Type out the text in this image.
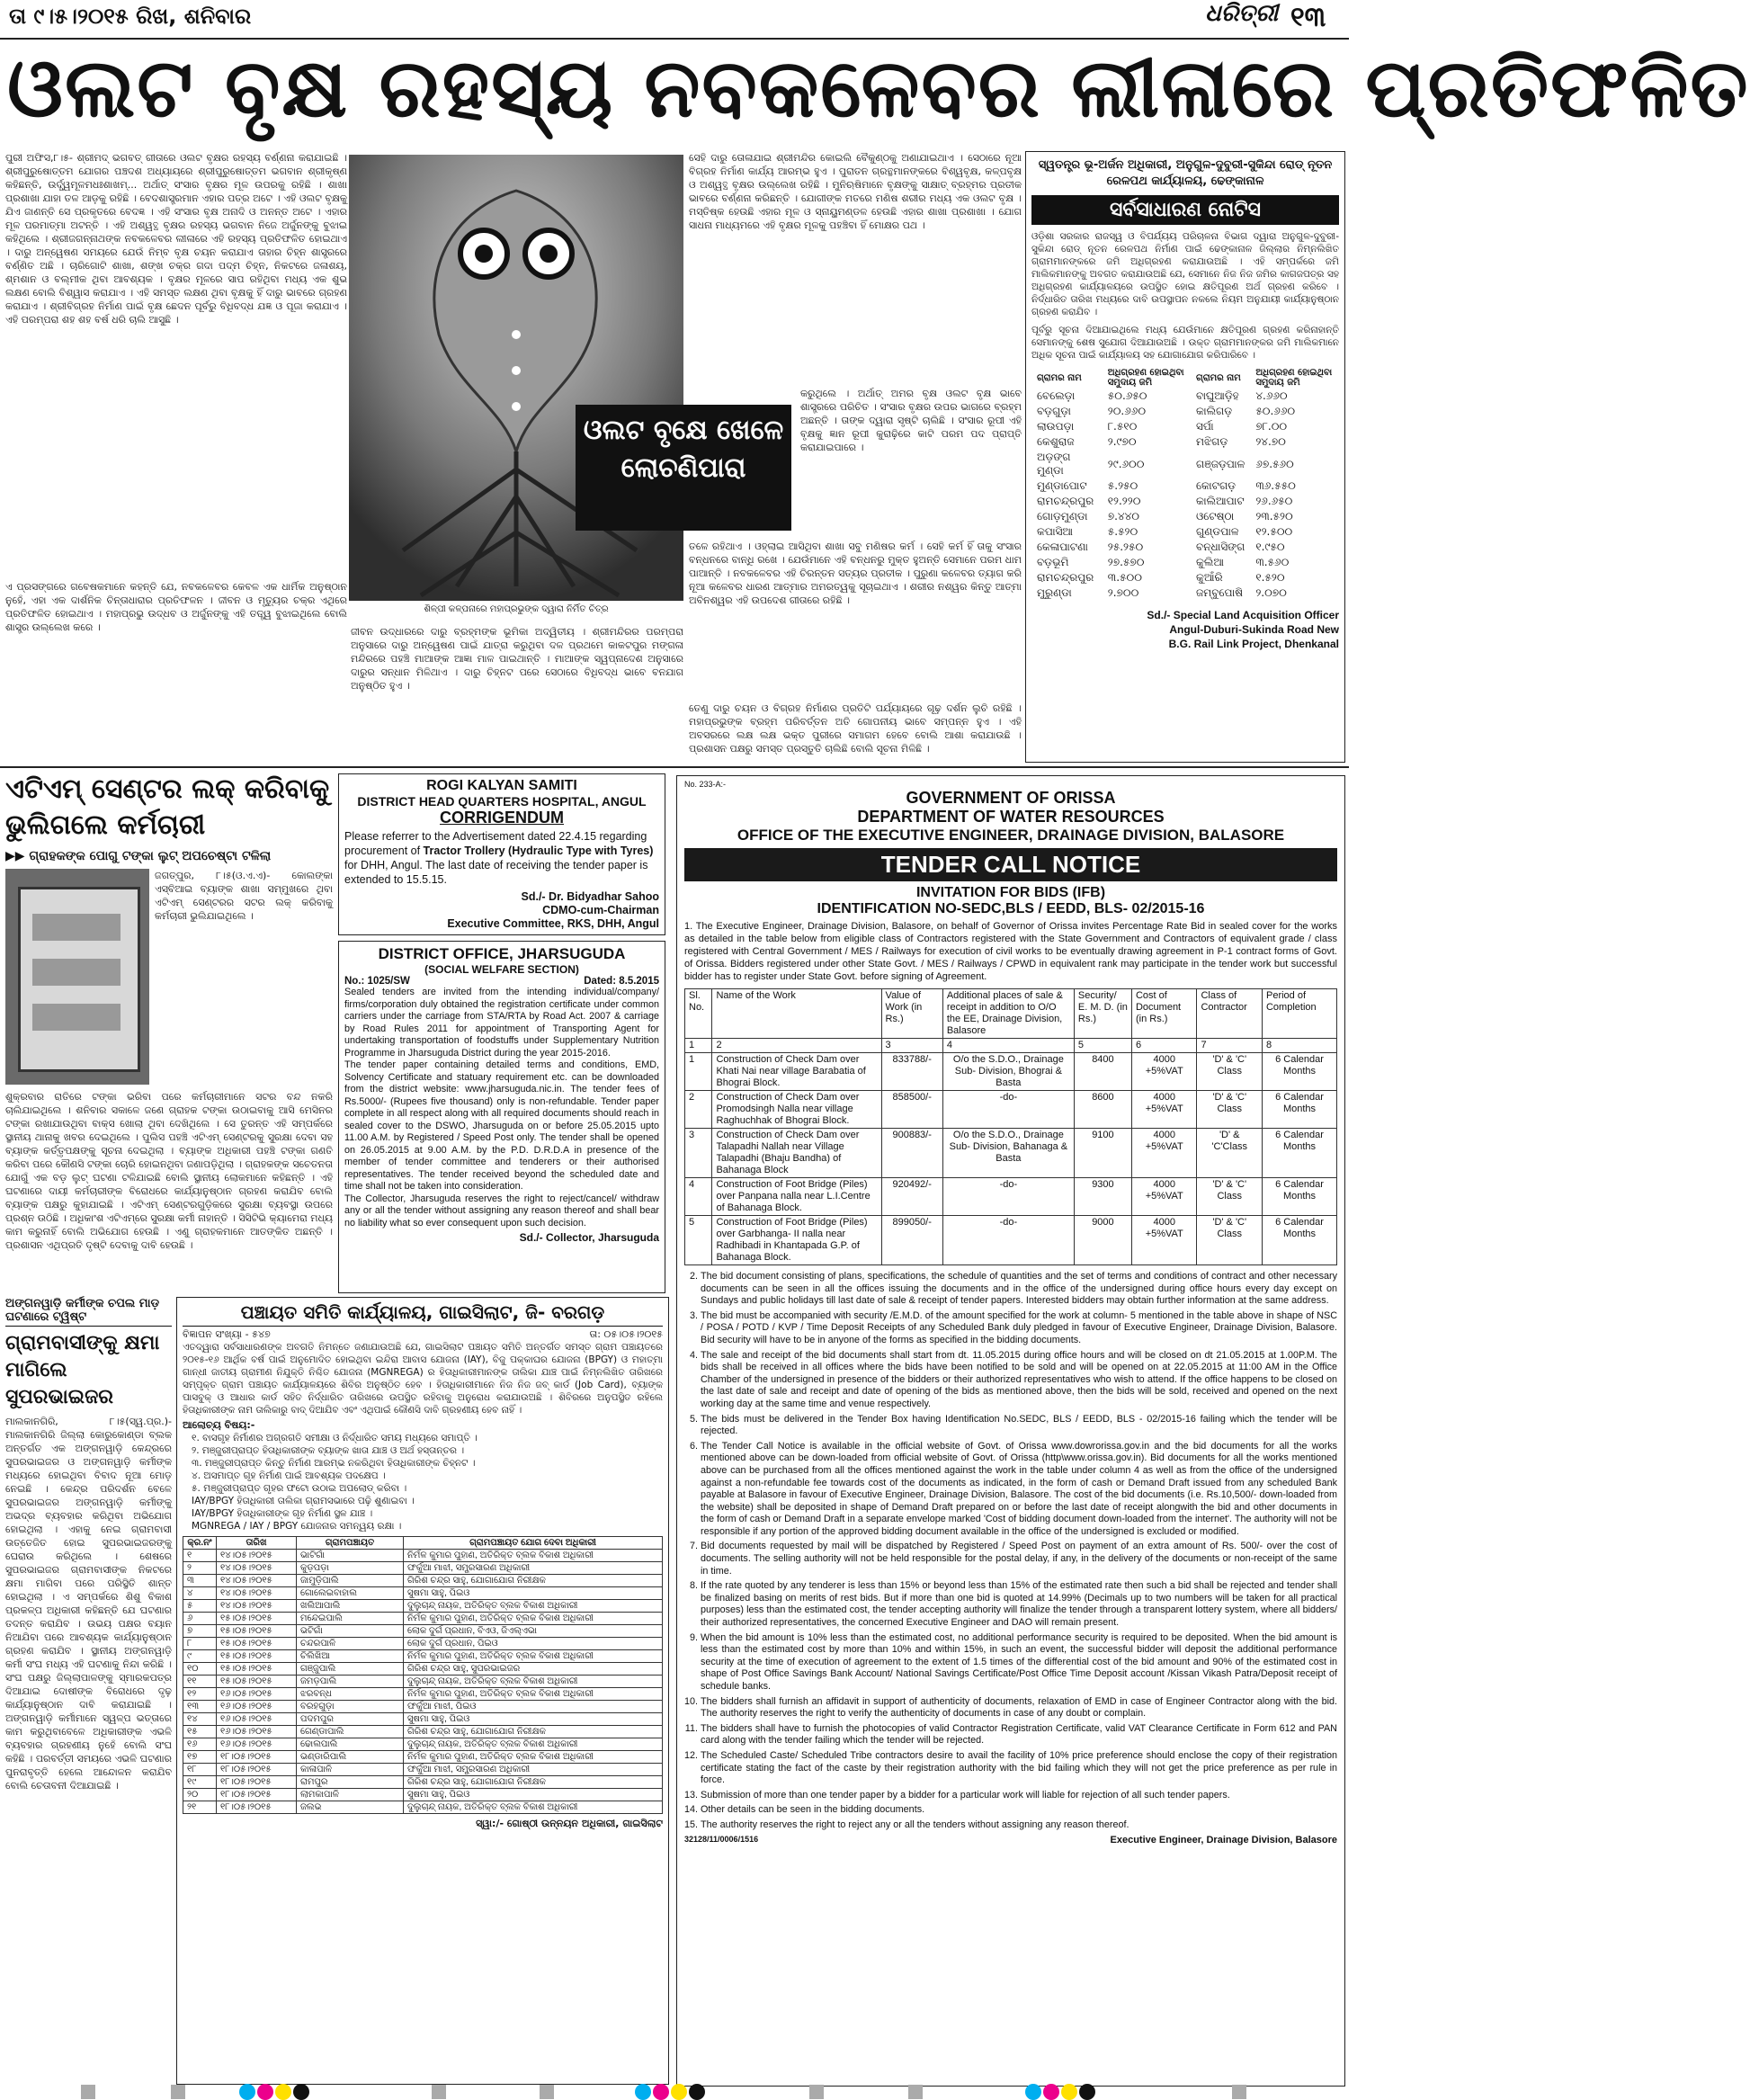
ତା ୯।୫।୨୦୧୫ ରିଖ, ଶନିବାର	ଧରିତ୍ରୀ ୧୩
ଓଲଟ ବୃକ୍ଷ ରହସ୍ୟ ନବକଳେବର ଲୀଳାରେ ପ୍ରତିଫଳିତ
ପୁରୀ ଅଫିସ,୮।୫- ଶ୍ରୀମଦ୍ ଭଗବତ୍ ଗୀତାରେ ଓଲଟ ବୃକ୍ଷର ରହସ୍ୟ ବର୍ଣ୍ଣନା କରାଯାଇଛି । ଶ୍ରୀପୁରୁଷୋତ୍ତମ ଯୋଗର ପଞ୍ଚଦଶ ଅଧ୍ୟାୟରେ ଶ୍ରୀପୁରୁଷୋତ୍ତମ ଭଗବାନ ଶ୍ରୀକୃଷ୍ଣ କହିଛନ୍ତି, ଉର୍ଦ୍ଧ୍ୱମୂଳମଧଃଶାଖମ୍... ଅର୍ଥାତ୍ ସଂସାର ବୃକ୍ଷର ମୂଳ ଉପରକୁ ରହିଛି । ଶାଖା ପ୍ରଶାଖା ଯାହା ତଳ ଆଡ଼କୁ ରହିଛି । ବେଦଶାସ୍ତ୍ରମାନ ଏହାର ପତ୍ର ଅଟେ । ଏହି ଓଲଟ ବୃକ୍ଷକୁ ଯିଏ ଜାଣନ୍ତି ସେ ପ୍ରକୃତରେ ବେଦଜ୍ଞ । ଏହି ସଂସାର ବୃକ୍ଷ ଅନାଦି ଓ ଅନନ୍ତ ଅଟେ । ଏହାର ମୂଳ ପରମାତ୍ମା ଅଟନ୍ତି । ଏହି ଅଶ୍ୱତ୍ଥ ବୃକ୍ଷର ରହସ୍ୟ ଭଗବାନ ନିଜେ ଅର୍ଜୁନଙ୍କୁ ବୁଝାଇ କହିଥିଲେ । ଶ୍ରୀଜଗନ୍ନାଥଙ୍କ ନବକଳେବର ଲୀଳାରେ ଏହି ରହସ୍ୟ ପ୍ରତିଫଳିତ ହୋଇଥାଏ । ଦାରୁ ଅନ୍ୱେଷଣ ସମୟରେ ଯେଉଁ ନିମ୍ବ ବୃକ୍ଷ ଚୟନ କରାଯାଏ ତାହାର ଚିହ୍ନ ଶାସ୍ତ୍ରରେ ବର୍ଣ୍ଣିତ ଅଛି । ଚାରିଗୋଟି ଶାଖା, ଶଙ୍ଖ ଚକ୍ର ଗଦା ପଦ୍ମ ଚିହ୍ନ, ନିକଟରେ ଜଳାଶୟ, ଶ୍ମଶାନ ଓ ବଲ୍ମୀକ ଥିବା ଆବଶ୍ୟକ । ବୃକ୍ଷର ମୂଳରେ ସାପ ରହିଥିବା ମଧ୍ୟ ଏକ ଶୁଭ ଲକ୍ଷଣ ବୋଲି ବିଶ୍ୱାସ କରାଯାଏ । ଏହି ସମସ୍ତ ଲକ୍ଷଣ ଥିବା ବୃକ୍ଷକୁ ହିଁ ଦାରୁ ଭାବରେ ଗ୍ରହଣ କରାଯାଏ । ଶ୍ରୀବିଗ୍ରହ ନିର୍ମାଣ ପାଇଁ ବୃକ୍ଷ ଛେଦନ ପୂର୍ବରୁ ବିଧିବଦ୍ଧ ଯଜ୍ଞ ଓ ପୂଜା କରାଯାଏ । ଏହି ପରମ୍ପରା ଶହ ଶହ ବର୍ଷ ଧରି ଚାଲି ଆସୁଛି ।
ଏ ପ୍ରସଙ୍ଗରେ ଗବେଷକମାନେ କହନ୍ତି ଯେ, ନବକଳେବର କେବଳ ଏକ ଧାର୍ମିକ ଅନୁଷ୍ଠାନ ନୁହେଁ, ଏହା ଏକ ଦାର୍ଶନିକ ଚିନ୍ତାଧାରାର ପ୍ରତିଫଳନ । ଜୀବନ ଓ ମୃତ୍ୟୁର ଚକ୍ର ଏଥିରେ ପ୍ରତିଫଳିତ ହୋଇଥାଏ । ମହାପ୍ରଭୁ ଉଦ୍ଧବ ଓ ଅର୍ଜୁନଙ୍କୁ ଏହି ତତ୍ତ୍ୱ ବୁଝାଇଥିଲେ ବୋଲି ଶାସ୍ତ୍ର ଉଲ୍ଲେଖ କରେ ।
ଓଲଟ ବୃକ୍ଷେ ଖେଳେ ଲୋଚଣିପାରା
ଶିଳ୍ପୀ କଳ୍ପନାରେ ମହାପ୍ରଭୁଙ୍କ ଦ୍ୱାରା ନିର୍ମିତ ଚିତ୍ର
ଜୀବନ ଉଦ୍ଧାରରେ ଦାରୁ ବ୍ରହ୍ମଙ୍କ ଭୂମିକା ଅଦ୍ୱିତୀୟ । ଶ୍ରୀମନ୍ଦିରର ପରମ୍ପରା ଅନୁସାରେ ଦାରୁ ଅନ୍ୱେଷଣ ପାଇଁ ଯାତ୍ରା କରୁଥିବା ଦଳ ପ୍ରଥମେ କାକଟପୁର ମଙ୍ଗଳା ମନ୍ଦିରରେ ପହଞ୍ଚି ମାଆଙ୍କ ଆଜ୍ଞା ମାଳ ପାଇଥାନ୍ତି । ମାଆଙ୍କ ସ୍ୱପ୍ନାଦେଶ ଅନୁସାରେ ଦାରୁର ସନ୍ଧାନ ମିଳିଥାଏ । ଦାରୁ ଚିହ୍ନଟ ପରେ ସେଠାରେ ବିଧିବଦ୍ଧ ଭାବେ ବନଯାଗ ଅନୁଷ୍ଠିତ ହୁଏ ।
ସେହି ଦାରୁ ତୋଳାଯାଇ ଶ୍ରୀମନ୍ଦିର କୋଇଲି ବୈକୁଣ୍ଠକୁ ଅଣାଯାଇଥାଏ । ସେଠାରେ ନୂଆ ବିଗ୍ରହ ନିର୍ମାଣ କାର୍ଯ୍ୟ ଆରମ୍ଭ ହୁଏ । ପୁରାତନ ଗ୍ରନ୍ଥମାନଙ୍କରେ ବିଶ୍ୱବୃକ୍ଷ, କଳ୍ପବୃକ୍ଷ ଓ ଅଶ୍ୱତ୍ଥ ବୃକ୍ଷର ଉଲ୍ଲେଖ ରହିଛି । ମୁନିଋଷିମାନେ ବୃକ୍ଷଙ୍କୁ ସାକ୍ଷାତ୍ ବ୍ରହ୍ମର ପ୍ରତୀକ ଭାବରେ ବର୍ଣ୍ଣନା କରିଛନ୍ତି । ଯୋଗୀଙ୍କ ମତରେ ମଣିଷ ଶରୀର ମଧ୍ୟ ଏକ ଓଲଟ ବୃକ୍ଷ । ମସ୍ତିଷ୍କ ହେଉଛି ଏହାର ମୂଳ ଓ ସ୍ନାୟୁମଣ୍ଡଳ ହେଉଛି ଏହାର ଶାଖା ପ୍ରଶାଖା । ଯୋଗ ସାଧନା ମାଧ୍ୟମରେ ଏହି ବୃକ୍ଷର ମୂଳକୁ ପହଞ୍ଚିବା ହିଁ ମୋକ୍ଷର ପଥ ।
କରୁଥିଲେ । ଅର୍ଥାତ୍ ଅମର ବୃକ୍ଷ ଓଲଟ ବୃକ୍ଷ ଭାବେ ଶାସ୍ତ୍ରରେ ପରିଚିତ । ସଂସାର ବୃକ୍ଷର ଉପର ଭାଗରେ ବ୍ରହ୍ମ ଅଛନ୍ତି । ତାଙ୍କ ଦ୍ୱାରା ସୃଷ୍ଟି ଚାଲିଛି । ସଂସାର ରୂପୀ ଏହି ବୃକ୍ଷକୁ ଜ୍ଞାନ ରୂପୀ କୁରାଢ଼ିରେ କାଟି ପରମ ପଦ ପ୍ରାପ୍ତି କରାଯାଇପାରେ ।
ତଳେ ରହିଥାଏ । ଓହ୍ଲାଇ ଆସିଥିବା ଶାଖା ସବୁ ମଣିଷର କର୍ମ । ସେହି କର୍ମ ହିଁ ତାକୁ ସଂସାର ବନ୍ଧନରେ ବାନ୍ଧି ରଖେ । ଯେଉଁମାନେ ଏହି ବନ୍ଧନରୁ ମୁକ୍ତ ହୁଅନ୍ତି ସେମାନେ ପରମ ଧାମ ପାଆନ୍ତି । ନବକଳେବର ଏହି ଚିରନ୍ତନ ସତ୍ୟର ପ୍ରତୀକ । ପୁରୁଣା କଳେବର ତ୍ୟାଗ କରି ନୂଆ କଳେବର ଧାରଣ ଆତ୍ମାର ଅମରତ୍ୱକୁ ସୂଚାଇଥାଏ । ଶରୀର ନଶ୍ୱର କିନ୍ତୁ ଆତ୍ମା ଅବିନଶ୍ୱର ଏହି ଉପଦେଶ ଗୀତାରେ ରହିଛି ।
ତେଣୁ ଦାରୁ ଚୟନ ଓ ବିଗ୍ରହ ନିର୍ମାଣର ପ୍ରତିଟି ପର୍ଯ୍ୟାୟରେ ଗୂଢ଼ ଦର୍ଶନ ଲୁଚି ରହିଛି । ମହାପ୍ରଭୁଙ୍କ ବ୍ରହ୍ମ ପରିବର୍ତ୍ତନ ଅତି ଗୋପନୀୟ ଭାବେ ସମ୍ପନ୍ନ ହୁଏ । ଏହି ଅବସରରେ ଲକ୍ଷ ଲକ୍ଷ ଭକ୍ତ ପୁରୀରେ ସମାଗମ ହେବେ ବୋଲି ଆଶା କରାଯାଉଛି । ପ୍ରଶାସନ ପକ୍ଷରୁ ସମସ୍ତ ପ୍ରସ୍ତୁତି ଚାଲିଛି ବୋଲି ସୂଚନା ମିଳିଛି ।
ସ୍ୱତନ୍ତ୍ର ଭୂ-ଅର୍ଜନ ଅଧିକାରୀ, ଅନୁଗୁଳ-ଦୁବୁରୀ-ସୁକିନ୍ଦା ରୋଡ୍ ନୂତନ ରେଳପଥ କାର୍ଯ୍ୟାଳୟ, ଢେଙ୍କାନାଳ
ସର୍ବସାଧାରଣ ନୋଟିସ
ଓଡ଼ିଶା ସରକାର ରାଜସ୍ୱ ଓ ବିପର୍ଯ୍ୟୟ ପରିଚାଳନା ବିଭାଗ ଦ୍ୱାରା ଅନୁଗୁଳ-ଦୁବୁରୀ-ସୁକିନ୍ଦା ରୋଡ୍ ନୂତନ ରେଳପଥ ନିର୍ମାଣ ପାଇଁ ଢେଙ୍କାନାଳ ଜିଲ୍ଲାର ନିମ୍ନଲିଖିତ ଗ୍ରାମମାନଙ୍କରେ ଜମି ଅଧିଗ୍ରହଣ କରାଯାଉଅଛି । ଏହି ସମ୍ପର୍କରେ ଜମି ମାଲିକମାନଙ୍କୁ ଅବଗତ କରାଯାଉଅଛି ଯେ, ସେମାନେ ନିଜ ନିଜ ଜମିର କାଗଜପତ୍ର ସହ ଅଧିଗ୍ରହଣ କାର୍ଯ୍ୟାଳୟରେ ଉପସ୍ଥିତ ହୋଇ କ୍ଷତିପୂରଣ ଅର୍ଥ ଗ୍ରହଣ କରିବେ । ନିର୍ଦ୍ଧାରିତ ତାରିଖ ମଧ୍ୟରେ ଦାବି ଉପସ୍ଥାପନ ନକଲେ ନିୟମ ଅନୁଯାୟୀ କାର୍ଯ୍ୟାନୁଷ୍ଠାନ ଗ୍ରହଣ କରାଯିବ ।
ପୂର୍ବରୁ ସୂଚନା ଦିଆଯାଇଥିଲେ ମଧ୍ୟ ଯେଉଁମାନେ କ୍ଷତିପୂରଣ ଗ୍ରହଣ କରିନାହାନ୍ତି ସେମାନଙ୍କୁ ଶେଷ ସୁଯୋଗ ଦିଆଯାଉଅଛି । ଉକ୍ତ ଗ୍ରାମମାନଙ୍କର ଜମି ମାଲିକମାନେ ଅଧିକ ସୂଚନା ପାଇଁ କାର୍ଯ୍ୟାଳୟ ସହ ଯୋଗାଯୋଗ କରିପାରିବେ ।
ଗ୍ରାମର ନାମ	ଅଧିଗ୍ରହଣ ହୋଇଥିବା ସମୁଦାୟ ଜମି	ଗ୍ରାମର ନାମ	ଅଧିଗ୍ରହଣ ହୋଇଥିବା ସମୁଦାୟ ଜମି
ବେଲେଡ଼ା	୫୦.୬୫୦	ବାଘୁଆଡ଼ିହ	୪.୬୬୦
ବଡ଼ଗୁଡ଼ା	୨୦.୬୬୦	କାଲିଗଡ଼	୫୦.୬୬୦
ଲାଉପଡ଼ା	୮.୫୧୦	ସର୍ପା	୭୮.୦୦
କେଶୁରାଜ	୨.୯୭୦	ମଝିଗଡ଼	୨୪.୭୦
ଅଡ଼ଙ୍ଗ ମୁଣ୍ଡା	୨୯.୬୦୦	ଗଞ୍ଜଡ଼ପାଳ	୬୭.୫୬୦
ମୁଣ୍ଡାପୋଟ	୫.୨୫୦	କୋଟଗଡ଼	୩୬.୫୫୦
ରାମଚନ୍ଦ୍ରପୁର	୧୨.୨୨୦	କାଲିଆପାଟ	୨୬.୬୫୦
ଗୋଡ଼ମୁଣ୍ଡା	୭.୪୪୦	ଓଟେଷ୍ଠା	୨୩.୫୨୦
କପାସିଆ	୫.୫୨୦	ଗୁଣ୍ଡପାଳ	୧୨.୫୦୦
କେଳାପାଟଣା	୨୫.୨୫୦	ବନ୍ଧାସିଙ୍ଗ	୧.୯୫୦
ବଡ଼ଭୂମି	୨୭.୫୭୦	କୁଲିଆ	୩.୫୬୦
ରାମଚନ୍ଦ୍ରପୁର	୩.୫୦୦	କୁଆଁରି	୧.୫୨୦
ମୁରୁଣ୍ଡା	୨.୭୦୦	ଜମ୍ବୁପୋଷି	୨.୦୭୦
Sd./- Special Land Acquisition Officer
Angul-Duburi-Sukinda Road New
B.G. Rail Link Project, Dhenkanal
ଏଟିଏମ୍ ସେଣ୍ଟର ଲକ୍ କରିବାକୁ ଭୁଲିଗଲେ କର୍ମଚାରୀ
▶▶ ଗ୍ରାହକଙ୍କ ପୋଗୁ ଟଙ୍କା ଲୁଟ୍ ଅପଚେଷ୍ଟା ଟଳିଲା
ଜଗତ୍‌ପୁର, ୮।୫(ଓ.ଏ.ଏ)- କୋଲଙ୍କା ଏସ୍‌ବିଆଇ ବ୍ୟାଙ୍କ ଶାଖା ସମ୍ମୁଖରେ ଥିବା ଏଟିଏମ୍ ସେଣ୍ଟରର ସଟର ଲକ୍ କରିବାକୁ କର୍ମଚାରୀ ଭୁଲିଯାଇଥିଲେ ।
ଶୁକ୍ରବାର ରାତିରେ ଟଙ୍କା ଭରିବା ପରେ କର୍ମଚାରୀମାନେ ସଟର ବନ୍ଦ ନକରି ଚାଲିଯାଇଥିଲେ । ଶନିବାର ସକାଳେ ଜଣେ ଗ୍ରାହକ ଟଙ୍କା ଉଠାଇବାକୁ ଆସି ମେସିନର ଟଙ୍କା ରଖାଯାଉଥିବା ବାକ୍ସ ଖୋଲା ଥିବା ଦେଖିଥିଲେ । ସେ ତୁରନ୍ତ ଏହି ସମ୍ପର୍କରେ ସ୍ଥାନୀୟ ଥାନାକୁ ଖବର ଦେଇଥିଲେ । ପୁଲିସ ପହଞ୍ଚି ଏଟିଏମ୍ ସେଣ୍ଟରକୁ ସୁରକ୍ଷା ଦେବା ସହ ବ୍ୟାଙ୍କ କର୍ତ୍ତୃପକ୍ଷଙ୍କୁ ସୂଚନା ଦେଇଥିଲା । ବ୍ୟାଙ୍କ ଅଧିକାରୀ ପହଞ୍ଚି ଟଙ୍କା ଗଣତି କରିବା ପରେ କୌଣସି ଟଙ୍କା ଚୋରି ହୋଇନଥିବା ଜଣାପଡ଼ିଥିଲା । ଗ୍ରାହକଙ୍କ ସଚେତନତା ଯୋଗୁଁ ଏକ ବଡ଼ ଲୁଟ୍ ଘଟଣା ଟଳିଯାଇଛି ବୋଲି ସ୍ଥାନୀୟ ଲୋକମାନେ କହିଛନ୍ତି । ଏହି ଘଟଣାରେ ଦାୟୀ କର୍ମଚାରୀଙ୍କ ବିରୋଧରେ କାର୍ଯ୍ୟାନୁଷ୍ଠାନ ଗ୍ରହଣ କରାଯିବ ବୋଲି ବ୍ୟାଙ୍କ ପକ୍ଷରୁ କୁହାଯାଇଛି । ଏଟିଏମ୍ ସେଣ୍ଟରଗୁଡ଼ିକରେ ସୁରକ୍ଷା ବ୍ୟବସ୍ଥା ଉପରେ ପ୍ରଶ୍ନ ଉଠିଛି । ଅଧିକାଂଶ ଏଟିଏମ୍‌ରେ ସୁରକ୍ଷା କର୍ମୀ ନାହାନ୍ତି । ସିସିଟିଭି କ୍ୟାମେରା ମଧ୍ୟ କାମ କରୁନାହିଁ ବୋଲି ଅଭିଯୋଗ ହେଉଛି । ଏଣୁ ଗ୍ରାହକମାନେ ଆତଙ୍କିତ ଅଛନ୍ତି । ପ୍ରଶାସନ ଏଥିପ୍ରତି ଦୃଷ୍ଟି ଦେବାକୁ ଦାବି ହେଉଛି ।
ROGI KALYAN SAMITI
DISTRICT HEAD QUARTERS HOSPITAL, ANGUL
CORRIGENDUM
Please referrer to the Advertisement dated 22.4.15 regarding procurement of Tractor Trollery (Hydraulic Type with Tyres) for DHH, Angul. The last date of receiving the tender paper is extended to 15.5.15.
Sd./- Dr. Bidyadhar Sahoo
CDMO-cum-Chairman
Executive Committee, RKS, DHH, Angul
DISTRICT OFFICE, JHARSUGUDA
(SOCIAL WELFARE SECTION)
No.: 1025/SW	Dated: 8.5.2015
Sealed tenders are invited from the intending individual/company/ firms/corporation duly obtained the registration certificate under common carriers under the carriage from STA/RTA by Road Act. 2007 & carriage by Road Rules 2011 for appointment of Transporting Agent for undertaking transportation of foodstuffs under Supplementary Nutrition Programme in Jharsuguda District during the year 2015-2016.
The tender paper containing detailed terms and conditions, EMD, Solvency Certificate and statuary requirement etc. can be downloaded from the district website: www.jharsuguda.nic.in. The tender fees of Rs.5000/- (Rupees five thousand) only is non-refundable. Tender paper complete in all respect along with all required documents should reach in sealed cover to the DSWO, Jharsuguda on or before 25.05.2015 upto 11.00 A.M. by Registered / Speed Post only. The tender shall be opened on 26.05.2015 at 9.00 A.M. by the P.D. D.R.D.A in presence of the member of tender committee and tenderers or their authorised representatives. The tender received beyond the scheduled date and time shall not be taken into consideration.
The Collector, Jharsuguda reserves the right to reject/cancel/ withdraw any or all the tender without assigning any reason thereof and shall bear no liability what so ever consequent upon such decision.
Sd./- Collector, Jharsuguda
ଅଙ୍ଗନୱାଡ଼ି କର୍ମୀଙ୍କ ଚପଲ ମାଡ଼ ଘଟଣାରେ ଟ୍ୱିଷ୍ଟ
ଗ୍ରାମବାସୀଙ୍କୁ କ୍ଷମା ମାଗିଲେ ସୁପରଭାଇଜର
ମାଲକାନଗିରି, ୮।୫(ସ୍ୱ.ପ୍ର.)- ମାଲକାନଗିରି ଜିଲ୍ଲା କୋରୁକୋଣ୍ଡା ବ୍ଲକ ଅନ୍ତର୍ଗତ ଏକ ଅଙ୍ଗନୱାଡ଼ି କେନ୍ଦ୍ରରେ ସୁପରଭାଇଜର ଓ ଅଙ୍ଗନୱାଡ଼ି କର୍ମୀଙ୍କ ମଧ୍ୟରେ ହୋଇଥିବା ବିବାଦ ନୂଆ ମୋଡ଼ ନେଇଛି । କେନ୍ଦ୍ର ପରିଦର୍ଶନ ବେଳେ ସୁପରଭାଇଜର ଅଙ୍ଗନୱାଡ଼ି କର୍ମୀଙ୍କୁ ଅଭଦ୍ର ବ୍ୟବହାର କରିଥିବା ଅଭିଯୋଗ ହୋଇଥିଲା । ଏହାକୁ ନେଇ ଗ୍ରାମବାସୀ ଉତ୍ତେଜିତ ହୋଇ ସୁପରଭାଇଜରଙ୍କୁ ଘେରାଉ କରିଥିଲେ । ଶେଷରେ ସୁପରଭାଇଜର ଗ୍ରାମବାସୀଙ୍କ ନିକଟରେ କ୍ଷମା ମାଗିବା ପରେ ପରିସ୍ଥିତି ଶାନ୍ତ ହୋଇଥିଲା । ଏ ସମ୍ପର୍କରେ ଶିଶୁ ବିକାଶ ପ୍ରକଳ୍ପ ଅଧିକାରୀ କହିଛନ୍ତି ଯେ ଘଟଣାର ତଦନ୍ତ କରାଯିବ । ଉଭୟ ପକ୍ଷର ବୟାନ ନିଆଯିବା ପରେ ଆବଶ୍ୟକ କାର୍ଯ୍ୟାନୁଷ୍ଠାନ ଗ୍ରହଣ କରାଯିବ । ସ୍ଥାନୀୟ ଅଙ୍ଗନୱାଡ଼ି କର୍ମୀ ସଂଘ ମଧ୍ୟ ଏହି ଘଟଣାକୁ ନିନ୍ଦା କରିଛି । ସଂଘ ପକ୍ଷରୁ ଜିଲ୍ଲାପାଳଙ୍କୁ ସ୍ମାରକପତ୍ର ଦିଆଯାଇ ଦୋଷୀଙ୍କ ବିରୋଧରେ ଦୃଢ଼ କାର୍ଯ୍ୟାନୁଷ୍ଠାନ ଦାବି କରାଯାଇଛି । ଅଙ୍ଗନୱାଡ଼ି କର୍ମୀମାନେ ସ୍ୱଳ୍ପ ଭତ୍ତାରେ କାମ କରୁଥିବାବେଳେ ଅଧିକାରୀଙ୍କ ଏଭଳି ବ୍ୟବହାର ଗ୍ରହଣୀୟ ନୁହେଁ ବୋଲି ସଂଘ କହିଛି । ପରବର୍ତ୍ତୀ ସମୟରେ ଏଭଳି ଘଟଣାର ପୁନରାବୃତ୍ତି ହେଲେ ଆନ୍ଦୋଳନ କରାଯିବ ବୋଲି ଚେତାବନୀ ଦିଆଯାଇଛି ।
ପଞ୍ଚାୟତ ସମିତି କାର୍ଯ୍ୟାଳୟ, ଗାଇସିଲାଟ, ଜି- ବରଗଡ଼
ବିଜ୍ଞାପନ ସଂଖ୍ୟା - ୫୪୭	ତା: ୦୫।୦୫।୨୦୧୫
ଏତଦ୍ୱାରା ସର୍ବସାଧାରଣଙ୍କ ଅବଗତି ନିମନ୍ତେ ଜଣାଯାଉଅଛି ଯେ, ଗାଇସିଲାଟ ପଞ୍ଚାୟତ ସମିତି ଅନ୍ତର୍ଗତ ସମସ୍ତ ଗ୍ରାମ ପଞ୍ଚାୟତରେ ୨୦୧୫-୧୬ ଆର୍ଥିକ ବର୍ଷ ପାଇଁ ଅନୁମୋଦିତ ହୋଇଥିବା ଇନ୍ଦିରା ଆବାସ ଯୋଜନା (IAY), ବିଜୁ ପକ୍କାଘର ଯୋଜନା (BPGY) ଓ ମହାତ୍ମା ଗାନ୍ଧୀ ଜାତୀୟ ଗ୍ରାମୀଣ ନିଯୁକ୍ତି ନିଶ୍ଚିତ ଯୋଜନା (MGNREGA) ର ହିତାଧିକାରୀମାନଙ୍କ ତାଲିକା ଯାଞ୍ଚ ପାଇଁ ନିମ୍ନଲିଖିତ ତାରିଖରେ ସମ୍ପୃକ୍ତ ଗ୍ରାମ ପଞ୍ଚାୟତ କାର୍ଯ୍ୟାଳୟରେ ଶିବିର ଅନୁଷ୍ଠିତ ହେବ । ହିତାଧିକାରୀମାନେ ନିଜ ନିଜ ଜବ୍ କାର୍ଡ (Job Card), ବ୍ୟାଙ୍କ ପାସବୁକ୍ ଓ ଆଧାର କାର୍ଡ ସହିତ ନିର୍ଦ୍ଧାରିତ ତାରିଖରେ ଉପସ୍ଥିତ ରହିବାକୁ ଅନୁରୋଧ କରାଯାଉଅଛି । ଶିବିରରେ ଅନୁପସ୍ଥିତ ରହିଲେ ହିତାଧିକାରୀଙ୍କ ନାମ ତାଲିକାରୁ ବାଦ୍ ଦିଆଯିବ ଏବଂ ଏଥିପାଇଁ କୌଣସି ଦାବି ଗ୍ରହଣୀୟ ହେବ ନାହିଁ ।
ଆଲୋଚ୍ୟ ବିଷୟ:-
୧. ବାସଗୃହ ନିର୍ମାଣର ଅଗ୍ରଗତି ସମୀକ୍ଷା ଓ ନିର୍ଦ୍ଧାରିତ ସମୟ ମଧ୍ୟରେ ସମାପ୍ତି ।
୨. ମଞ୍ଜୁରୀପ୍ରାପ୍ତ ହିତାଧିକାରୀଙ୍କ ବ୍ୟାଙ୍କ ଖାତା ଯାଞ୍ଚ ଓ ଅର୍ଥ ହସ୍ତାନ୍ତର ।
୩. ମଞ୍ଜୁରୀପ୍ରାପ୍ତ କିନ୍ତୁ ନିର୍ମାଣ ଆରମ୍ଭ ନକରିଥିବା ହିତାଧିକାରୀଙ୍କ ଚିହ୍ନଟ ।
୪. ଅସମାପ୍ତ ଗୃହ ନିର୍ମାଣ ପାଇଁ ଆବଶ୍ୟକ ପଦକ୍ଷେପ ।
୫. ମଞ୍ଜୁରୀପ୍ରାପ୍ତ ଗୃହର ଫଟୋ ଉଠାଇ ଅପଲୋଡ୍ କରିବା ।
IAY/BPGY ହିତାଧିକାରୀ ତାଲିକା ଗ୍ରାମସଭାରେ ପଢ଼ି ଶୁଣାଇବା ।
IAY/BPGY ହିତାଧିକାରୀଙ୍କ ଗୃହ ନିର୍ମାଣ ସ୍ଥଳ ଯାଞ୍ଚ ।
MGNREGA / IAY / BPGY ଯୋଜନାର ସମନ୍ୱୟ ରକ୍ଷା ।
କ୍ର.ନଂ	ତାରିଖ	ଗ୍ରାମପଞ୍ଚାୟତ	ଗ୍ରାମପଞ୍ଚାୟତ ଯୋଗ ଦେବା ଅଧିକାରୀ
୧	୧୪।୦୫।୨୦୧୫	ଭାଟିଗାଁ	ନିର୍ମଳ କୁମାର ପୁହାଣ, ଅତିରିକ୍ତ ବ୍ଲକ ବିକାଶ ଅଧିକାରୀ
୨	୧୪।୦୫।୨୦୧୫	କୁଡ଼ପଡ଼ା	ଫର୍କୁଆ ମାଝୀ, ସମ୍ପ୍ରସାରଣ ଅଧିକାରୀ
୩	୧୪।୦୫।୨୦୧୫	ଜାମୁଡ଼ିପାଲି	ଗିରିଶ ଚନ୍ଦ୍ର ସାହୁ, ଯୋଗାଯୋଗ ନିରୀକ୍ଷକ
୪	୧୪।୦୫।୨୦୧୫	ଗୋଲେଇବାହାଲ	ସୁଷମା ସାହୁ, ପିଇଓ
୫	୧୪।୦୫।୨୦୧୫	ଖଲିଆପାଲି	ଦୁଲୁଚାନ୍ଦ୍ ନାୟକ, ଅତିରିକ୍ତ ବ୍ଲକ ବିକାଶ ଅଧିକାରୀ
୬	୧୫।୦୫।୨୦୧୫	ମନ୍ଦେଇପାଲି	ନିର୍ମଳ କୁମାର ପୁହାଣ, ଅତିରିକ୍ତ ବ୍ଲକ ବିକାଶ ଅଧିକାରୀ
୭	୧୫।୦୫।୨୦୧୫	ଭଟିଗାଁ	ଲୋକ ଦୁର୍ଗ ପ୍ରଧାନ, ବିଏଓ, ଜିଏଲ୍ଏଭା
୮	୧୫।୦୫।୨୦୧୫	ଚନ୍ଦରପାଳି	ଲୋକ ଦୁର୍ଗ ପ୍ରଧାନ, ପିଇଓ
୯	୧୫।୦୫।୨୦୧୫	ଚିଲିଖିଆ	ନିର୍ମଳ କୁମାର ପୁହାଣ, ଅତିରିକ୍ତ ବ୍ଲକ ବିକାଶ ଅଧିକାରୀ
୧୦	୧୫।୦୫।୨୦୧୫	ଗଞ୍ଜୁପାଲି	ଗିରିଶ ଚନ୍ଦ୍ର ସାହୁ, ସୁପରଭାଇଜର
୧୧	୧୫।୦୫।୨୦୧୫	ଜମଡ଼ପାଲି	ଦୁଲୁଚାନ୍ଦ୍ ନାୟକ, ଅତିରିକ୍ତ ବ୍ଲକ ବିକାଶ ଅଧିକାରୀ
୧୨	୧୬।୦୫।୨୦୧୫	ଝରବନ୍ଧ	ନିର୍ମଳ କୁମାର ପୁହାଣ, ଅତିରିକ୍ତ ବ୍ଲକ ବିକାଶ ଅଧିକାରୀ
୧୩	୧୬।୦୫।୨୦୧୫	ବରହଗୁଡ଼ା	ଫର୍କୁଆ ମାଝୀ, ପିଇଓ
୧୪	୧୬।୦୫।୨୦୧୫	ପଦମପୁର	ସୁଷମା ସାହୁ, ପିଇଓ
୧୫	୧୬।୦୫।୨୦୧୫	ଗେଣ୍ଡାପାଲି	ଗିରିଶ ଚନ୍ଦ୍ର ସାହୁ, ଯୋଗାଯୋଗ ନିରୀକ୍ଷକ
୧୬	୧୬।୦୫।୨୦୧୫	ଢୋଲପାଲି	ଦୁଲୁଚାନ୍ଦ୍ ନାୟକ, ଅତିରିକ୍ତ ବ୍ଲକ ବିକାଶ ଅଧିକାରୀ
୧୭	୧୮।୦୫।୨୦୧୫	ଭଣ୍ଡାରିପାଲି	ନିର୍ମଳ କୁମାର ପୁହାଣ, ଅତିରିକ୍ତ ବ୍ଲକ ବିକାଶ ଅଧିକାରୀ
୧୮	୧୮।୦୫।୨୦୧୫	କାଳାପାଳି	ଫର୍କୁଆ ମାଝୀ, ସମ୍ପ୍ରସାରଣ ଅଧିକାରୀ
୧୯	୧୮।୦୫।୨୦୧୫	ରାମପୁର	ଗିରିଶ ଚନ୍ଦ୍ର ସାହୁ, ଯୋଗାଯୋଗ ନିରୀକ୍ଷକ
୨୦	୧୮।୦୫।୨୦୧୫	ଲାମକାପାଳି	ସୁଷମା ସାହୁ, ପିଇଓ
୨୧	୧୮।୦୫।୨୦୧୫	ଜଲଭ	ଦୁଲୁଚାନ୍ଦ୍ ନାୟକ, ଅତିରିକ୍ତ ବ୍ଲକ ବିକାଶ ଅଧିକାରୀ
ସ୍ୱା:/- ଗୋଷ୍ଠୀ ଉନ୍ନୟନ ଅଧିକାରୀ, ଗାଇସିଲାଟ
No. 233-A:-
GOVERNMENT OF ORISSA
DEPARTMENT OF WATER RESOURCES
OFFICE OF THE EXECUTIVE ENGINEER, DRAINAGE DIVISION, BALASORE
TENDER CALL NOTICE
INVITATION FOR BIDS (IFB)
IDENTIFICATION NO-SEDC,BLS / EEDD, BLS- 02/2015-16
1. The Executive Engineer, Drainage Division, Balasore, on behalf of Governor of Orissa invites Percentage Rate Bid in sealed cover for the works as detailed in the table below from eligible class of Contractors registered with the State Government and Contractors of equivalent grade / class registered with Central Government / MES / Railways for execution of civil works to be eventually drawing agreement in P-1 contract forms of Govt. of Orissa. Bidders registered under other State Govt. / MES / Railways / CPWD in equivalent rank may participate in the tender work but successful bidder has to register under State Govt. before signing of Agreement.
Sl. No.	Name of the Work	Value of Work (in Rs.)	Additional places of sale & receipt in addition to O/O the EE, Drainage Division, Balasore	Security/ E. M. D. (in Rs.)	Cost of Document (in Rs.)	Class of Contractor	Period of Completion
1	2	3	4	5	6	7	8
1	Construction of Check Dam over Khati Nai near village Barabatia of Bhograi Block.	833788/-	O/o the S.D.O., Drainage Sub- Division, Bhograi & Basta	8400	4000 +5%VAT	'D' & 'C' Class	6 Calendar Months
2	Construction of Check Dam over Promodsingh Nalla near village Raghuchhak of Bhograi Block.	858500/-	-do-	8600	4000 +5%VAT	'D' & 'C' Class	6 Calendar Months
3	Construction of Check Dam over Talapadhi Nallah near Village Talapadhi (Bhaju Bandha) of Bahanaga Block	900883/-	O/o the S.D.O., Drainage Sub- Division, Bahanaga & Basta	9100	4000 +5%VAT	'D' & 'C'Class	6 Calendar Months
4	Construction of Foot Bridge (Piles) over Panpana nalla near L.I.Centre of Bahanaga Block.	920492/-	-do-	9300	4000 +5%VAT	'D' & 'C' Class	6 Calendar Months
5	Construction of Foot Bridge (Piles) over Garbhanga- II nalla near Radhibadi in Khantapada G.P. of Bahanaga Block.	899050/-	-do-	9000	4000 +5%VAT	'D' & 'C' Class	6 Calendar Months
2. The bid document consisting of plans, specifications, the schedule of quantities and the set of terms and conditions of contract and other necessary documents can be seen in all the offices issuing the documents and in the office of the undersigned during office hours every day except on Sundays and public holidays till last date of sale & receipt of tender papers. Interested bidders may obtain further information at the same address.
3. The bid must be accompanied with security /E.M.D. of the amount specified for the work at column- 5 mentioned in the table above in shape of NSC / POSA / POTD / KVP / Time Deposit Receipts of any Scheduled Bank duly pledged in favour of Executive Engineer, Drainage Division, Balasore. Bid security will have to be in anyone of the forms as specified in the bidding documents.
4. The sale and receipt of the bid documents shall start from dt. 11.05.2015 during office hours and will be closed on dt 21.05.2015 at 1.00P.M. The bids shall be received in all offices where the bids have been notified to be sold and will be opened on at 22.05.2015 at 11:00 AM in the Office Chamber of the undersigned in presence of the bidders or their authorized representatives who wish to attend. If the office happens to be closed on the last date of sale and receipt and date of opening of the bids as mentioned above, then the bids will be sold, received and opened on the next working day at the same time and venue respectively.
5. The bids must be delivered in the Tender Box having Identification No.SEDC, BLS / EEDD, BLS - 02/2015-16 failing which the tender will be rejected.
6. The Tender Call Notice is available in the official website of Govt. of Orissa www.dowrorissa.gov.in and the bid documents for all the works mentioned above can be down-loaded from official website of Govt. of Orissa (http\www.orissa.gov.in). Bid documents for all the works mentioned above can be purchased from all the offices mentioned against the work in the table under column 4 as well as from the office of the undersigned against a non-refundable fee towards cost of the documents as indicated, in the form of cash or Demand Draft issued from any scheduled Bank payable at Balasore in favour of Executive Engineer, Drainage Division, Balasore. The cost of the bid documents (i.e. Rs.10,500/- down-loaded from the website) shall be deposited in shape of Demand Draft prepared on or before the last date of receipt alongwith the bid and other documents in the form of cash or Demand Draft in a separate envelope marked 'Cost of bidding document down-loaded from the internet'. The authority will not be responsible if any portion of the approved bidding document available in the office of the undersigned is excluded or modified.
7. Bid documents requested by mail will be dispatched by Registered / Speed Post on payment of an extra amount of Rs. 500/- over the cost of documents. The selling authority will not be held responsible for the postal delay, if any, in the delivery of the documents or non-receipt of the same in time.
8. If the rate quoted by any tenderer is less than 15% or beyond less than 15% of the estimated rate then such a bid shall be rejected and tender shall be finalized basing on merits of rest bids. But if more than one bid is quoted at 14.99% (Decimals up to two numbers will be taken for all practical purposes) less than the estimated cost, the tender accepting authority will finalize the tender through a transparent lottery system, where all bidders/ their authorized representatives, the concerned Executive Engineer and DAO will remain present.
9. When the bid amount is 10% less than the estimated cost, no additional performance security is required to be deposited. When the bid amount is less than the estimated cost by more than 10% and within 15%, in such an event, the successful bidder will deposit the additional performance security at the time of execution of agreement to the extent of 1.5 times of the differential cost of the bid amount and 90% of the estimated cost in shape of Post Office Savings Bank Account/ National Savings Certificate/Post Office Time Deposit account /Kissan Vikash Patra/Deposit receipt of schedule banks.
10. The bidders shall furnish an affidavit in support of authenticity of documents, relaxation of EMD in case of Engineer Contractor along with the bid. The authority reserves the right to verify the authenticity of documents in case of any doubt or complain.
11. The bidders shall have to furnish the photocopies of valid Contractor Registration Certificate, valid VAT Clearance Certificate in Form 612 and PAN card along with the tender failing which the tender will be rejected.
12. The Scheduled Caste/ Scheduled Tribe contractors desire to avail the facility of 10% price preference should enclose the copy of their registration certificate stating the fact of the caste by their registration authority with the bid failing which they will not get the price preference as per rule in force.
13. Submission of more than one tender paper by a bidder for a particular work will liable for rejection of all such tender papers.
14. Other details can be seen in the bidding documents.
15. The authority reserves the right to reject any or all the tenders without assigning any reason thereof.
32128/11/0006/1516	Executive Engineer, Drainage Division, Balasore
